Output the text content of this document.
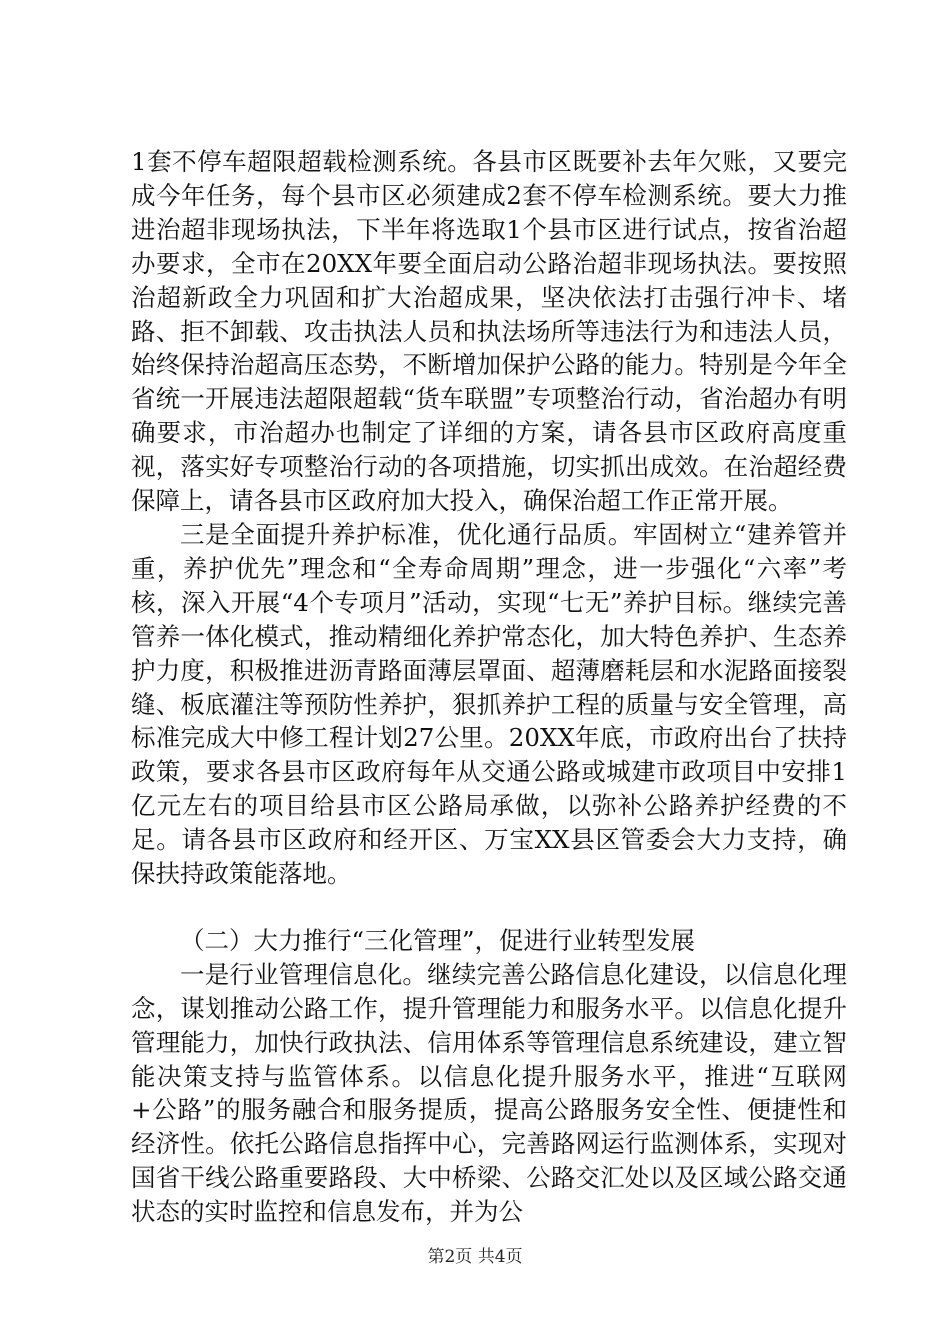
1套不停车超限超载检测系统。各县市区既要补去年欠账，又要完成今年任务，每个县市区必须建成2套不停车检测系统。要大力推进治超非现场执法，下半年将选取1个县市区进行试点，按省治超办要求，全市在20XX年要全面启动公路治超非现场执法。要按照治超新政全力巩固和扩大治超成果，坚决依法打击强行冲卡、堵路、拒不卸载、攻击执法人员和执法场所等违法行为和违法人员，始终保持治超高压态势，不断增加保护公路的能力。特别是今年全省统一开展违法超限超载“货车联盟”专项整治行动，省治超办有明确要求，市治超办也制定了详细的方案，请各县市区政府高度重视，落实好专项整治行动的各项措施，切实抓出成效。在治超经费保障上，请各县市区政府加大投入，确保治超工作正常开展。

三是全面提升养护标准，优化通行品质。牢固树立“建养管并重，养护优先”理念和“全寿命周期”理念，进一步强化“六率”考核，深入开展“4个专项月”活动，实现“七无”养护目标。继续完善管养一体化模式，推动精细化养护常态化，加大特色养护、生态养护力度，积极推进沥青路面薄层罩面、超薄磨耗层和水泥路面接裂缝、板底灌注等预防性养护，狠抓养护工程的质量与安全管理，高标准完成大中修工程计划27公里。20XX年底，市政府出台了扶持政策，要求各县市区政府每年从交通公路或城建市政项目中安排1亿元左右的项目给县市区公路局承做，以弥补公路养护经费的不足。请各县市区政府和经开区、万宝XX县区管委会大力支持，确保扶持政策能落地。

（二）大力推行“三化管理”，促进行业转型发展

一是行业管理信息化。继续完善公路信息化建设，以信息化理念，谋划推动公路工作，提升管理能力和服务水平。以信息化提升管理能力，加快行政执法、信用体系等管理信息系统建设，建立智能决策支持与监管体系。以信息化提升服务水平，推进“互联网+公路”的服务融合和服务提质，提高公路服务安全性、便捷性和经济性。依托公路信息指挥中心，完善路网运行监测体系，实现对国省干线公路重要路段、大中桥梁、公路交汇处以及区域公路交通状态的实时监控和信息发布，并为公

第2页 共4页
